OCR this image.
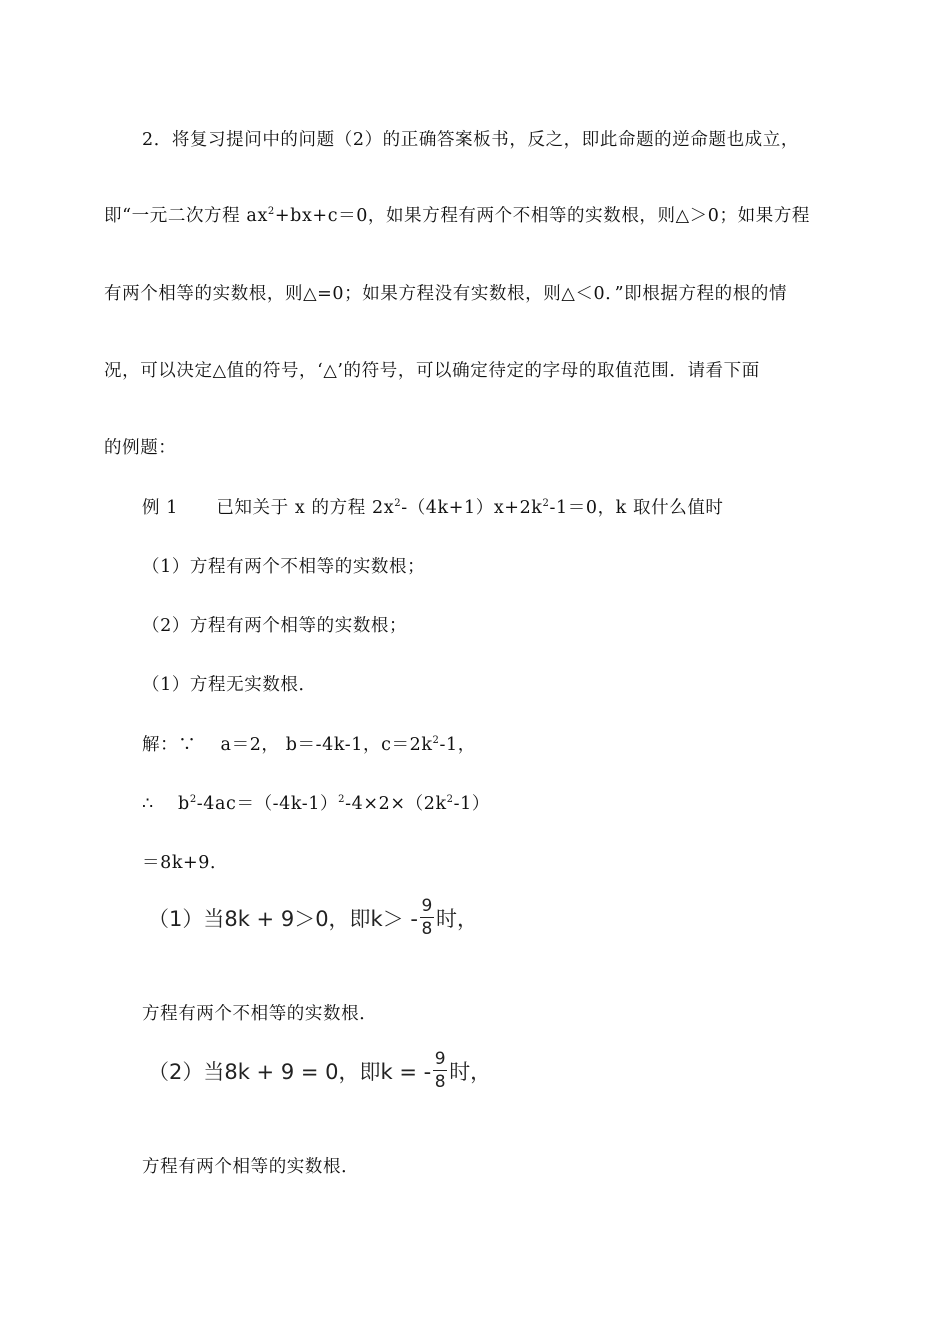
2．将复习提问中的问题（2）的正确答案板书，反之，即此命题的逆命题也成立，
即“一元二次方程 $ax^2+bx+c=0$，如果方程有两个不相等的实数根，则△＞0；如果方程
有两个相等的实数根，则△=0；如果方程没有实数根，则△＜0．”即根据方程的根的情
况，可以决定△值的符号，‘△’的符号，可以确定待定的字母的取值范围．请看下面
的例题：
例 1 已知关于 x 的方程 $2x^2-(4k+1)x+2k^2-1=0$，k 取什么值时
（1）方程有两个不相等的实数根；
（2）方程有两个相等的实数根；
（1）方程无实数根．
解：∵　 a＝2， b＝-4k-1，$c=2k^2-1$，
∴　 $b^2-4ac=(-4k-1)^2-4\times 2\times(2k^2-1)$
＝8k+9．
（1）当8k + 9＞0，即$k> - \frac{9}{8}$ 时，
方程有两个不相等的实数根．
（2）当8k + 9 = 0，即k = - $\frac{9}{8}$ 时，
方程有两个相等的实数根．
